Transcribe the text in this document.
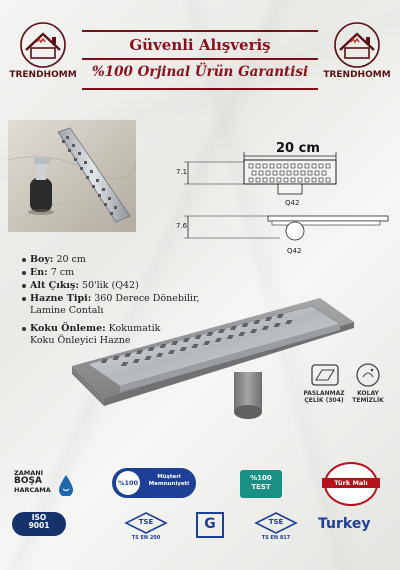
TRENDHOMM
Güvenli Alışveriş
%100 Orjinal Ürün Garantisi TRENDHOMM
20 cm
7.1
Q42
7.6
Q42
Boy: 20 cm
En: 7 cm
Alt Çıkış: 50'lik (Q42)
Hazne Tipi: 360 Derece Dönebilir,
Lamine Contalı
Koku Önleme: Kokumatik
Koku Önleyici Hazne
PASLANMAZ
ÇELİK (304)
KOLAY
TEMİZLİK
ZAMANI
BOŞA
HARCAMA
%100
Müşteri
Memnuniyeti
%100
TEST	Türk Malı
ISO
9001	TSE
TS EN 200
G	TSE
TS EN 817
Turkey
